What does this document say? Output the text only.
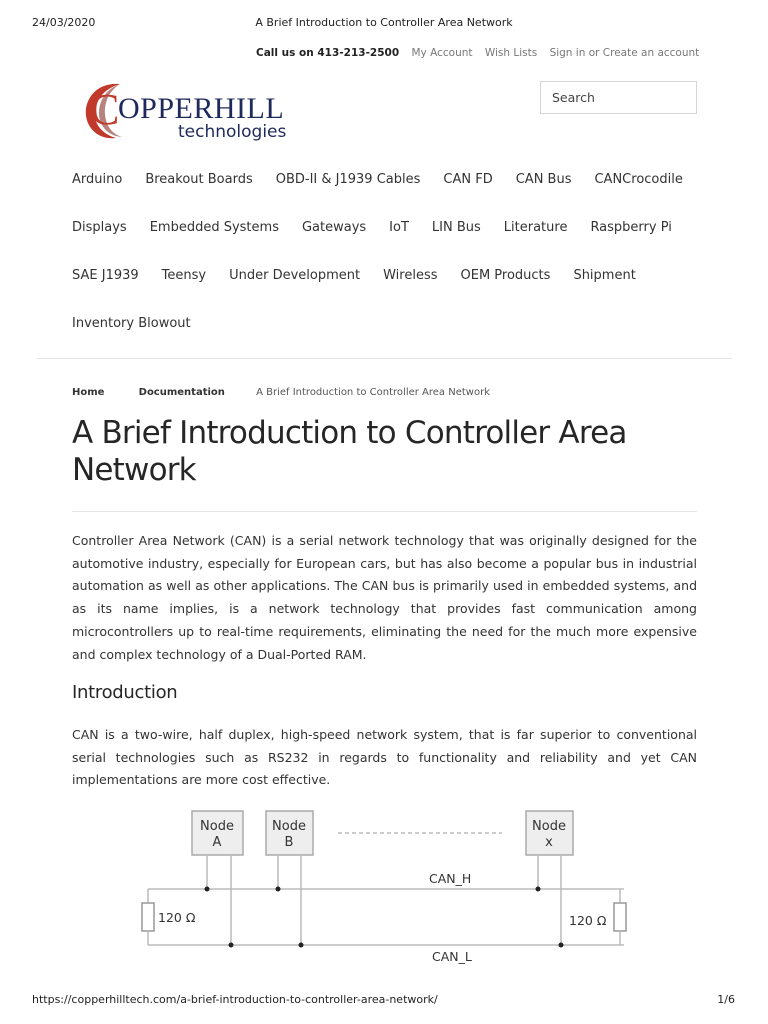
24/03/2020	A Brief Introduction to Controller Area Network
Call us on 413-213-2500 My Account Wish Lists Sign in or Create an account
C
OPPERHILL
technologies
Search
Arduino Breakout Boards OBD-II & J1939 Cables CAN FD CAN Bus CANCrocodile
Displays Embedded Systems Gateways IoT LIN Bus Literature Raspberry Pi
SAE J1939 Teensy Under Development Wireless OEM Products Shipment
Inventory Blowout
Home	Documentation	A Brief Introduction to Controller Area Network
A Brief Introduction to Controller Area Network

Controller Area Network (CAN) is a serial network technology that was originally designed for the automotive industry, especially for European cars, but has also become a popular bus in industrial automation as well as other applications. The CAN bus is primarily used in embedded systems, and as its name implies, is a network technology that provides fast communication among microcontrollers up to real-time requirements, eliminating the need for the much more expensive and complex technology of a Dual-Ported RAM.

Introduction

CAN is a two-wire, half duplex, high-speed network system, that is far superior to conventional serial technologies such as RS232 in regards to functionality and reliability and yet CAN implementations are more cost effective.

Node
A
Node
B
Node
x
120 Ω	120 Ω
CAN_H
CAN_L
https://copperhilltech.com/a-brief-introduction-to-controller-area-network/	1/6
